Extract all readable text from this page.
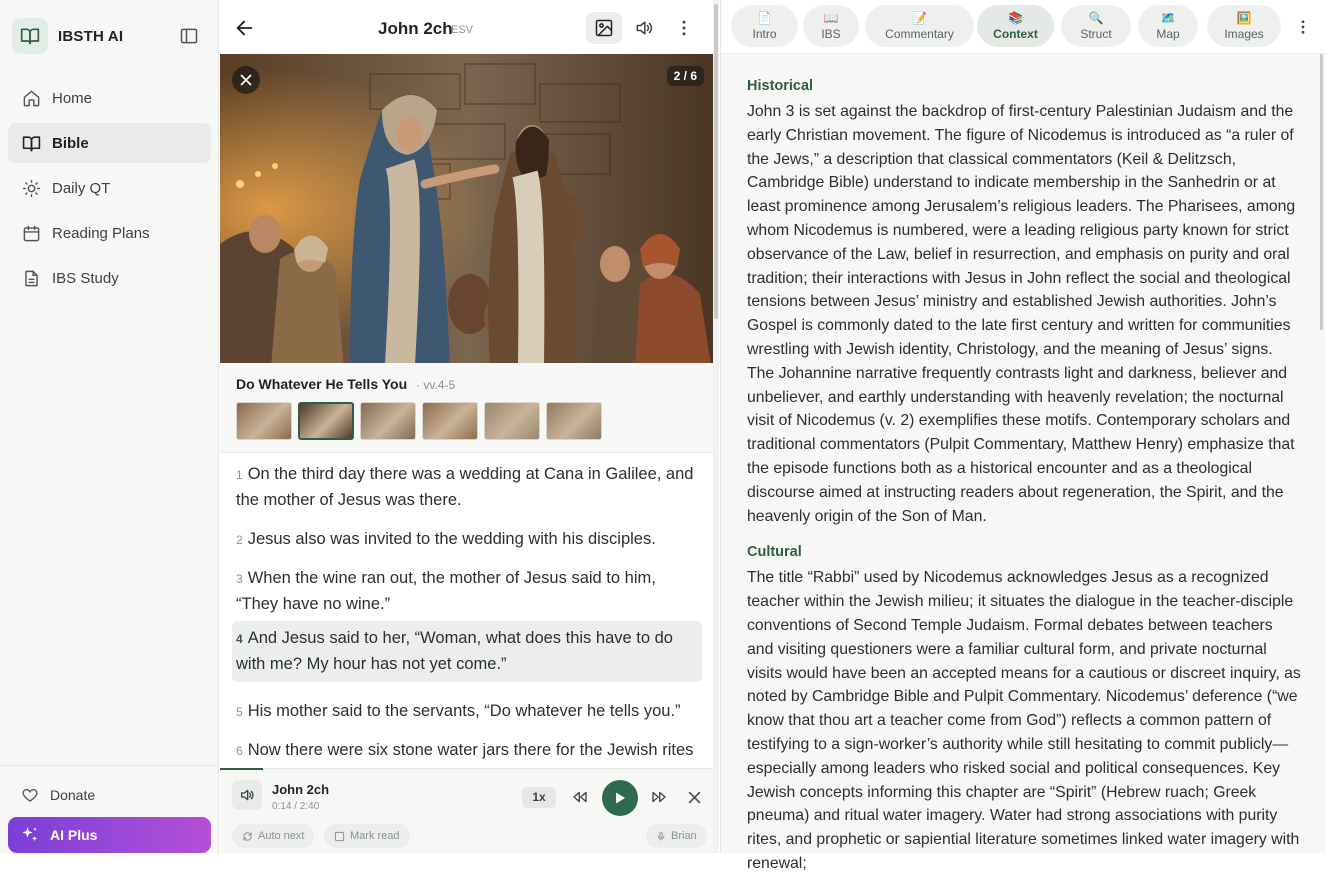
IBSTH AI
Home
Bible
Daily QT
Reading Plans
IBS Study
Donate
AI Plus
John 2ch
ESV
2 / 6
Do Whatever He Tells You · vv.4-5
1 On the third day there was a wedding at Cana in Galilee, and the mother of Jesus was there.
2 Jesus also was invited to the wedding with his disciples.
3 When the wine ran out, the mother of Jesus said to him, “They have no wine.”
4 And Jesus said to her, “Woman, what does this have to do with me? My hour has not yet come.”
5 His mother said to the servants, “Do whatever he tells you.”
6 Now there were six stone water jars there for the Jewish rites
John 2ch
0:14 / 2:40
1x
Auto next	Mark read	Brian
📄
Intro
📖
IBS
📝
Commentary
📚
Context
🔍
Struct
🗺️
Map
🖼️
Images
Historical
John 3 is set against the backdrop of first-century Palestinian Judaism and the early Christian movement. The figure of Nicodemus is introduced as “a ruler of the Jews,” a description that classical commentators (Keil & Delitzsch, Cambridge Bible) understand to indicate membership in the Sanhedrin or at least prominence among Jerusalem’s religious leaders. The Pharisees, among whom Nicodemus is numbered, were a leading religious party known for strict observance of the Law, belief in resurrection, and emphasis on purity and oral tradition; their interactions with Jesus in John reflect the social and theological tensions between Jesus’ ministry and established Jewish authorities. John’s Gospel is commonly dated to the late first century and written for communities wrestling with Jewish identity, Christology, and the meaning of Jesus’ signs. The Johannine narrative frequently contrasts light and darkness, believer and unbeliever, and earthly understanding with heavenly revelation; the nocturnal visit of Nicodemus (v. 2) exemplifies these motifs. Contemporary scholars and traditional commentators (Pulpit Commentary, Matthew Henry) emphasize that the episode functions both as a historical encounter and as a theological discourse aimed at instructing readers about regeneration, the Spirit, and the heavenly origin of the Son of Man.
Cultural
The title “Rabbi” used by Nicodemus acknowledges Jesus as a recognized teacher within the Jewish milieu; it situates the dialogue in the teacher-disciple conventions of Second Temple Judaism. Formal debates between teachers and visiting questioners were a familiar cultural form, and private nocturnal visits would have been an accepted means for a cautious or discreet inquiry, as noted by Cambridge Bible and Pulpit Commentary. Nicodemus’ deference (“we know that thou art a teacher come from God”) reflects a common pattern of testifying to a sign-worker’s authority while still hesitating to commit publicly—especially among leaders who risked social and political consequences. Key Jewish concepts informing this chapter are “Spirit” (Hebrew ruach; Greek pneuma) and ritual water imagery. Water had strong associations with purity rites, and prophetic or sapiential literature sometimes linked water imagery with renewal;
